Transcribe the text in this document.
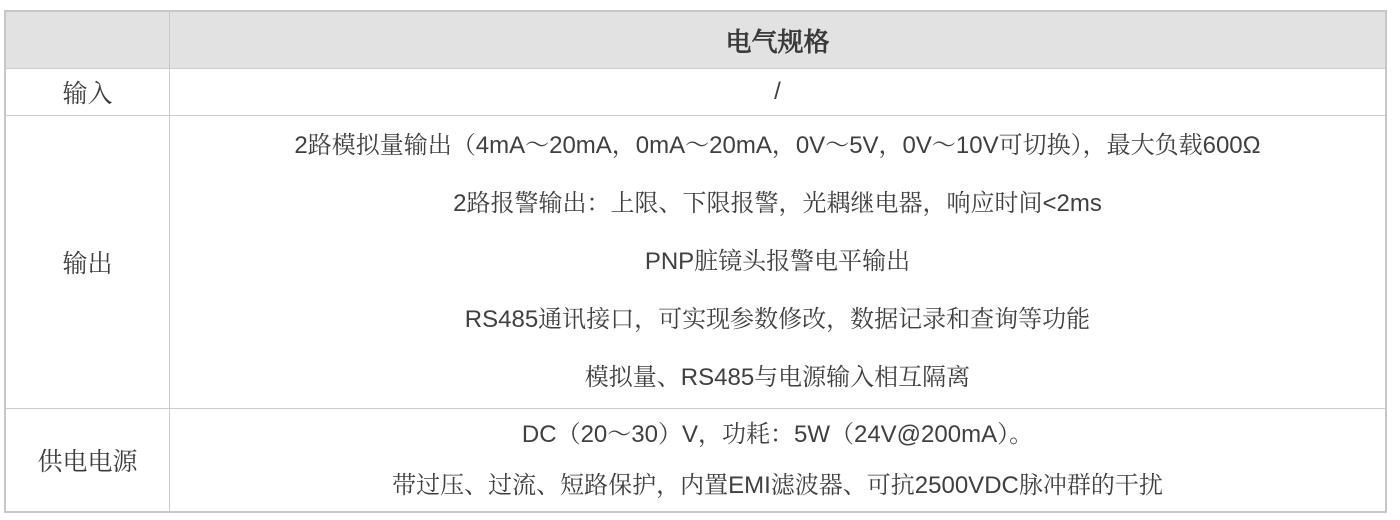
电气规格
输入	/
输出
2路模拟量输出（4mA～20mA，0mA～20mA，0V～5V，0V～10V可切换），最大负载600Ω
2路报警输出：上限、下限报警，光耦继电器，响应时间<2ms
PNP脏镜头报警电平输出
RS485通讯接口，可实现参数修改，数据记录和查询等功能
模拟量、RS485与电源输入相互隔离
供电电源
DC（20～30）V，功耗：5W（24V@200mA）。
带过压、过流、短路保护，内置EMI滤波器、可抗2500VDC脉冲群的干扰
